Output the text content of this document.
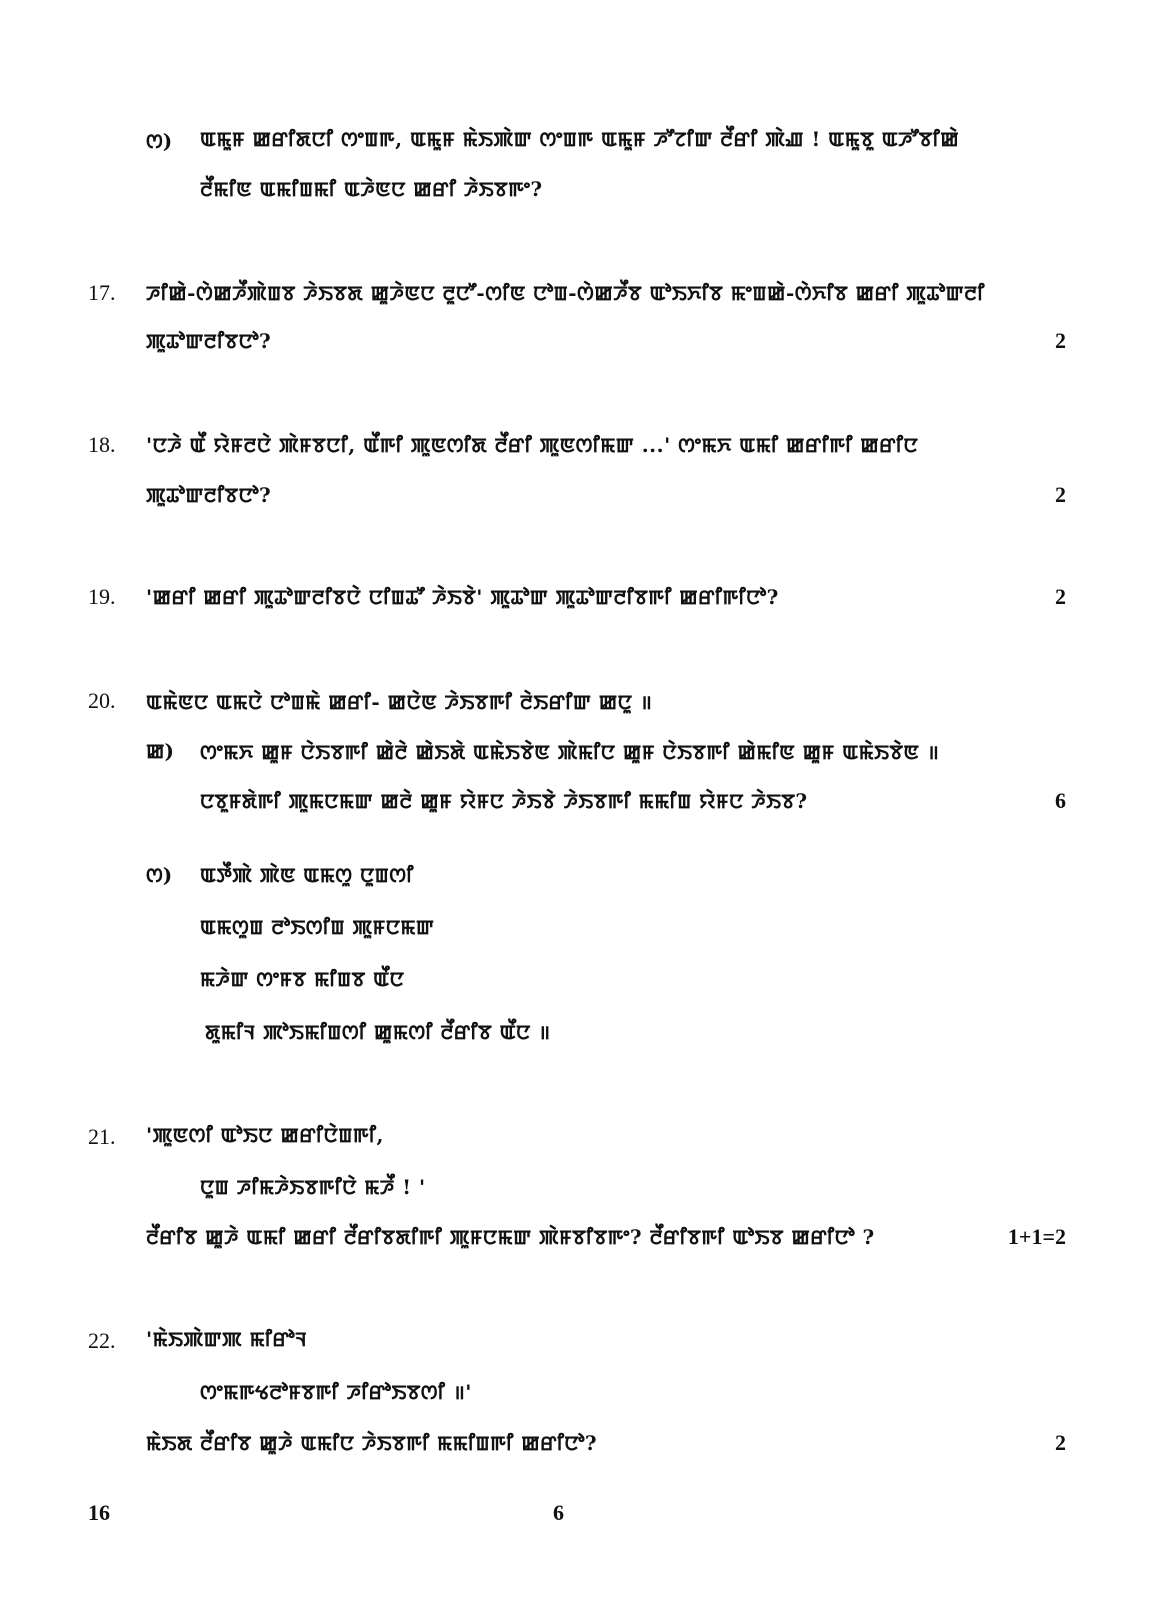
ꯁ) ꯑꯃꯨꯝ ꯀꯔꯤꯗꯅꯤ ꯁꯦꯡꯒ, ꯑꯃꯨꯝ ꯃꯥꯏꯄꯥꯛ ꯁꯦꯡꯒ ꯑꯃꯨꯝ ꯍꯧꯖꯤꯛ ꯂꯩꯔꯤ ꯄꯥꯉ ! ꯑꯃꯨꯕꯨ ꯑꯍꯧꯕꯤꯀꯥ
ꯂꯩꯃꯤꯟ ꯑꯃꯤꯡꯃꯤ ꯑꯍꯥꯟꯅ ꯀꯔꯤ ꯍꯥꯏꯕꯒꯦ?
17. ꯍꯤꯀꯥ-ꯁꯥꯀꯍꯩꯄꯥꯡꯕ ꯍꯥꯏꯕꯗ ꯀꯨꯍꯥꯟꯅ ꯂꯨꯅꯧ-ꯁꯤꯟ ꯅꯣꯡ-ꯁꯥꯀꯍꯩꯕ ꯑꯣꯏꯈꯤꯕ ꯃꯦꯡꯀꯥ-ꯁꯥꯈꯤꯕ ꯀꯔꯤ ꯄꯨꯊꯣꯛꯂꯤ
ꯄꯨꯊꯣꯛꯂꯤꯕꯅꯣ?	2
18. 'ꯅꯍꯥ ꯑꯩ ꯌꯥꯝꯂꯅꯥ ꯄꯥꯝꯕꯅꯤ, ꯑꯩꯒꯤ ꯄꯨꯟꯁꯤꯗ ꯂꯩꯔꯤ ꯄꯨꯟꯁꯤꯃꯛ ...' ꯁꯦꯃꯈ ꯑꯃꯤ ꯀꯔꯤꯒꯤ ꯀꯔꯤꯅ
ꯄꯨꯊꯣꯛꯂꯤꯕꯅꯣ?	2
19. 'ꯀꯔꯤ ꯀꯔꯤ ꯄꯨꯊꯣꯛꯂꯤꯕꯅꯥ ꯅꯤꯡꯊꯧ ꯍꯥꯏꯕꯥ' ꯄꯨꯊꯣꯛ ꯄꯨꯊꯣꯛꯂꯤꯕꯒꯤ ꯀꯔꯤꯒꯤꯅꯣ?	2
20. ꯑꯃꯥꯟꯅ ꯑꯃꯅꯥ ꯅꯣꯡꯃꯥ ꯀꯔꯤ- ꯀꯅꯥꯟ ꯍꯥꯏꯕꯒꯤ ꯂꯥꯏꯔꯤꯛ ꯀꯅꯨ ॥
ꯀ) ꯁꯦꯃꯈ ꯀꯨꯝ ꯅꯥꯏꯕꯒꯤ ꯀꯥꯂꯥ ꯀꯥꯏꯗꯥ ꯑꯃꯥꯏꯕꯥꯟ ꯄꯥꯃꯤꯅ ꯀꯨꯝ ꯅꯥꯏꯕꯒꯤ ꯀꯥꯃꯤꯟ ꯀꯨꯝ ꯑꯃꯥꯏꯕꯥꯟ ॥
ꯅꯕꯨꯝꯗꯥꯒꯤ ꯄꯨꯃꯅꯃꯛ ꯀꯂꯥ ꯀꯨꯝ ꯌꯥꯝꯅ ꯍꯥꯏꯕꯥ ꯍꯥꯏꯕꯒꯤ ꯃꯃꯤꯡ ꯌꯥꯝꯅ ꯍꯥꯏꯕ?	6
ꯁ) ꯑꯇꯩꯄꯥ ꯄꯥꯟ ꯑꯃꯁꯨ ꯅꯨꯡꯁꯤ
ꯑꯃꯁꯨꯡ ꯂꯣꯏꯁꯤꯡ ꯄꯨꯝꯅꯃꯛ
ꯃꯍꯥꯛ ꯁꯦꯝꯕ ꯃꯤꯡꯕ ꯑꯩꯅ
ꯗꯨꯃꯤꯜ ꯄꯣꯏꯃꯤꯡꯁꯤ ꯀꯨꯃꯁꯤ ꯂꯩꯔꯤꯕ ꯑꯩꯅ ॥
21. 'ꯄꯨꯟꯁꯤ ꯑꯣꯏꯅ ꯀꯔꯤꯅꯥꯡꯒꯤ,
ꯅꯨꯡ ꯍꯤꯃꯍꯥꯏꯕꯒꯤꯅꯥ ꯃꯍꯩ ! '
ꯂꯩꯔꯤꯕ ꯀꯨꯍꯥ ꯑꯃꯤ ꯀꯔꯤ ꯂꯩꯔꯤꯕꯗꯤꯒꯤ ꯄꯨꯝꯅꯃꯛ ꯄꯥꯝꯕꯤꯕꯒꯦ? ꯂꯩꯔꯤꯕꯒꯤ ꯑꯣꯏꯕ ꯀꯔꯤꯅꯣ ?	1+1=2
22. 'ꯃꯥꯏꯄꯥꯛꯄ ꯃꯤꯔꯣꯜ
ꯁꯦꯃꯒꯠꯂꯣꯝꯕꯒꯤ ꯍꯤꯔꯣꯏꯕꯁꯤ ॥'
ꯃꯥꯏꯗ ꯂꯩꯔꯤꯕ ꯀꯨꯍꯥ ꯑꯃꯤꯅ ꯍꯥꯏꯕꯒꯤ ꯃꯃꯤꯡꯒꯤ ꯀꯔꯤꯅꯣ?	2
16	6
